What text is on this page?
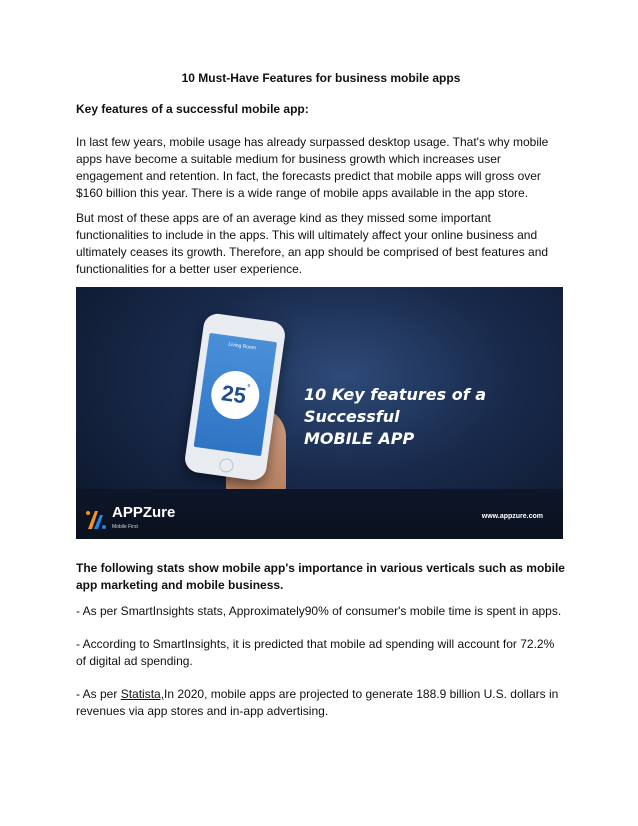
10 Must-Have Features for business mobile apps

Key features of a successful mobile app:

In last few years, mobile usage has already surpassed desktop usage. That's why mobile apps have become a suitable medium for business growth which increases user engagement and retention. In fact, the forecasts predict that mobile apps will gross over $160 billion this year. There is a wide range of mobile apps available in the app store.

But most of these apps are of an average kind as they missed some important functionalities to include in the apps. This will ultimately affect your online business and ultimately ceases its growth. Therefore, an app should be comprised of best features and functionalities for a better user experience.

Living Room
25°	10 Key features of a Successful
MOBILE APP
APPZure
Mobile First
www.appzure.com

The following stats show mobile app's importance in various verticals such as mobile app marketing and mobile business.

- As per SmartInsights stats, Approximately90% of consumer's mobile time is spent in apps.

- According to SmartInsights, it is predicted that mobile ad spending will account for 72.2% of digital ad spending.

- As per Statista,In 2020, mobile apps are projected to generate 188.9 billion U.S. dollars in revenues via app stores and in-app advertising.
